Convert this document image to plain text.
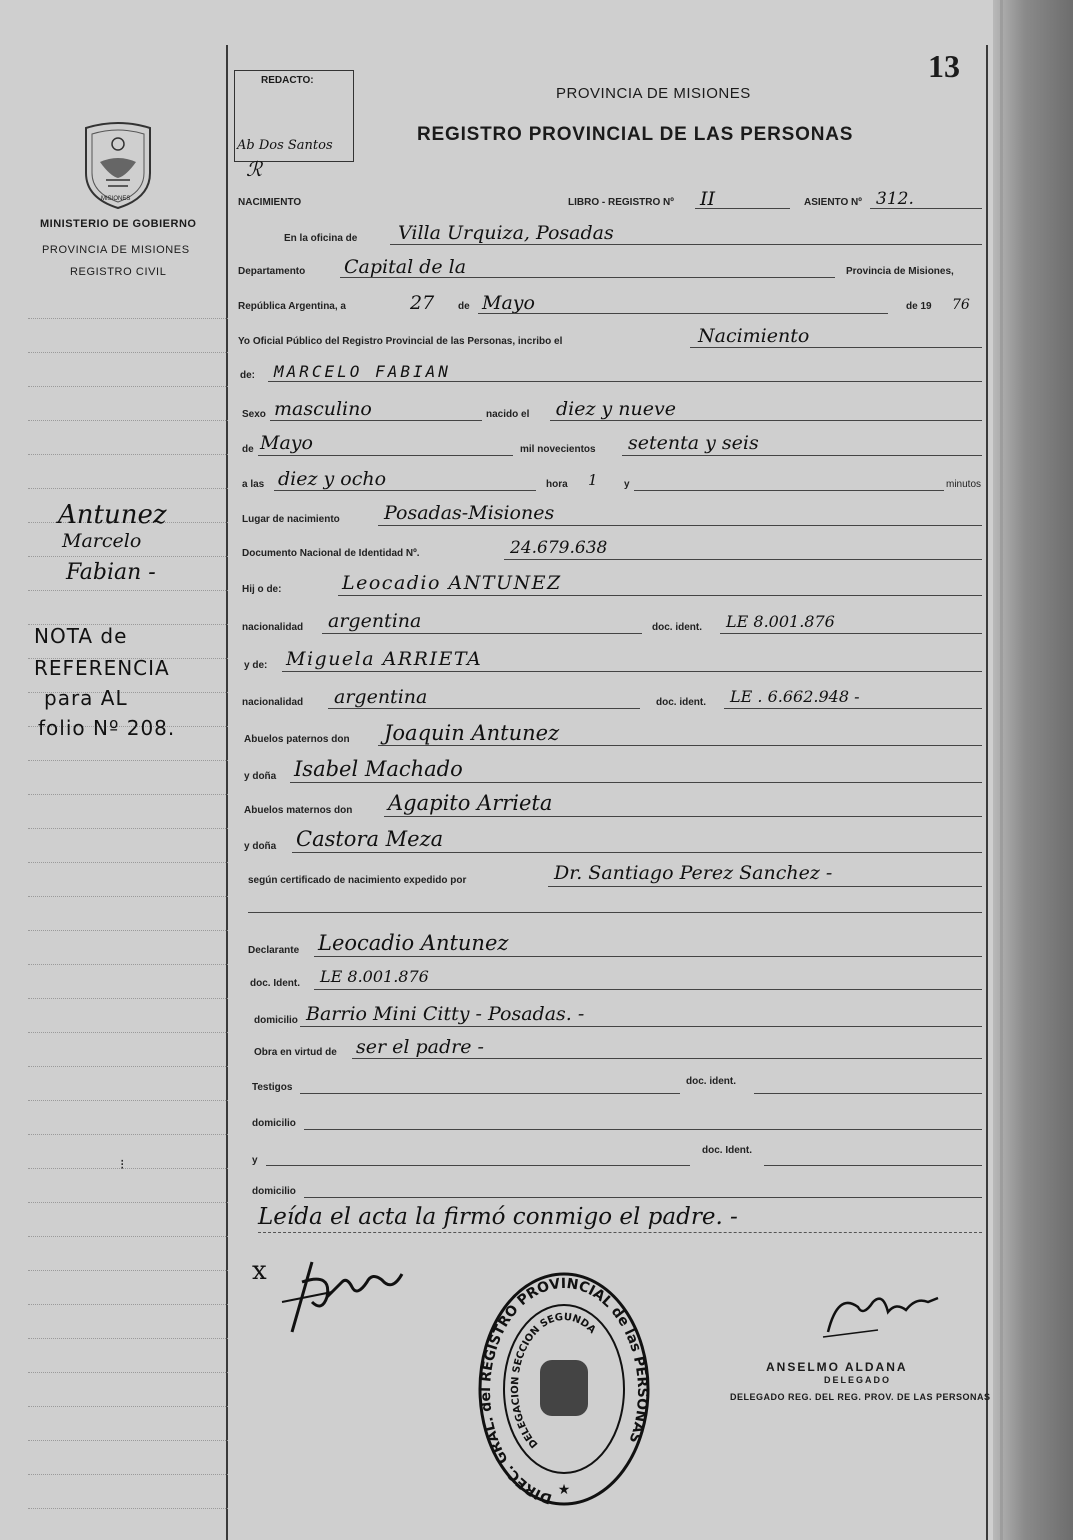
13
REDACTO:
Ab Dos Santos
ℛ
PROVINCIA DE MISIONES
REGISTRO PROVINCIAL DE LAS PERSONAS
MISIONES
MINISTERIO DE GOBIERNO
PROVINCIA DE MISIONES
REGISTRO CIVIL
Antunez
Marcelo
Fabian -
NOTA de
REFERENCIA
para AL
folio Nº 208.
⁝
NACIMIENTO	LIBRO - REGISTRO Nº II	ASIENTO Nº 312.
En la oficina de Villa Urquiza, Posadas
Departamento Capital de la	Provincia de Misiones,
República Argentina, a	27 de Mayo	de 19 76
Yo Oficial Público del Registro Provincial de las Personas, incribo el	Nacimiento
de: MARCELO FABIAN
Sexo masculino	nacido el diez y nueve
de Mayo	mil novecientos setenta y seis
a las diez y ocho	hora 1	y	minutos
Lugar de nacimiento Posadas-Misiones
Documento Nacional de Identidad Nº.	24.679.638
Hij o de:	Leocadio ANTUNEZ
nacionalidad argentina	doc. ident. LE 8.001.876
y de: Miguela ARRIETA
nacionalidad argentina	doc. ident. LE . 6.662.948 -
Abuelos paternos don Joaquin Antunez
y doña Isabel Machado
Abuelos maternos don Agapito Arrieta
y doña Castora Meza
según certificado de nacimiento expedido por	Dr. Santiago Perez Sanchez -
Declarante Leocadio Antunez
doc. Ident. LE 8.001.876
domicilio Barrio Mini Citty - Posadas. -
Obra en virtud de ser el padre -
Testigos
doc. ident.
domicilio
y
doc. Ident.
domicilio
Leída el acta la firmó conmigo el padre. -
x
DIREC. GRAL. del REGISTRO PROVINCIAL de las PERSONAS
DELEGACION SECCION SEGUNDA
★
ANSELMO ALDANA
DELEGADO
DELEGADO REG. DEL REG. PROV. DE LAS PERSONAS
